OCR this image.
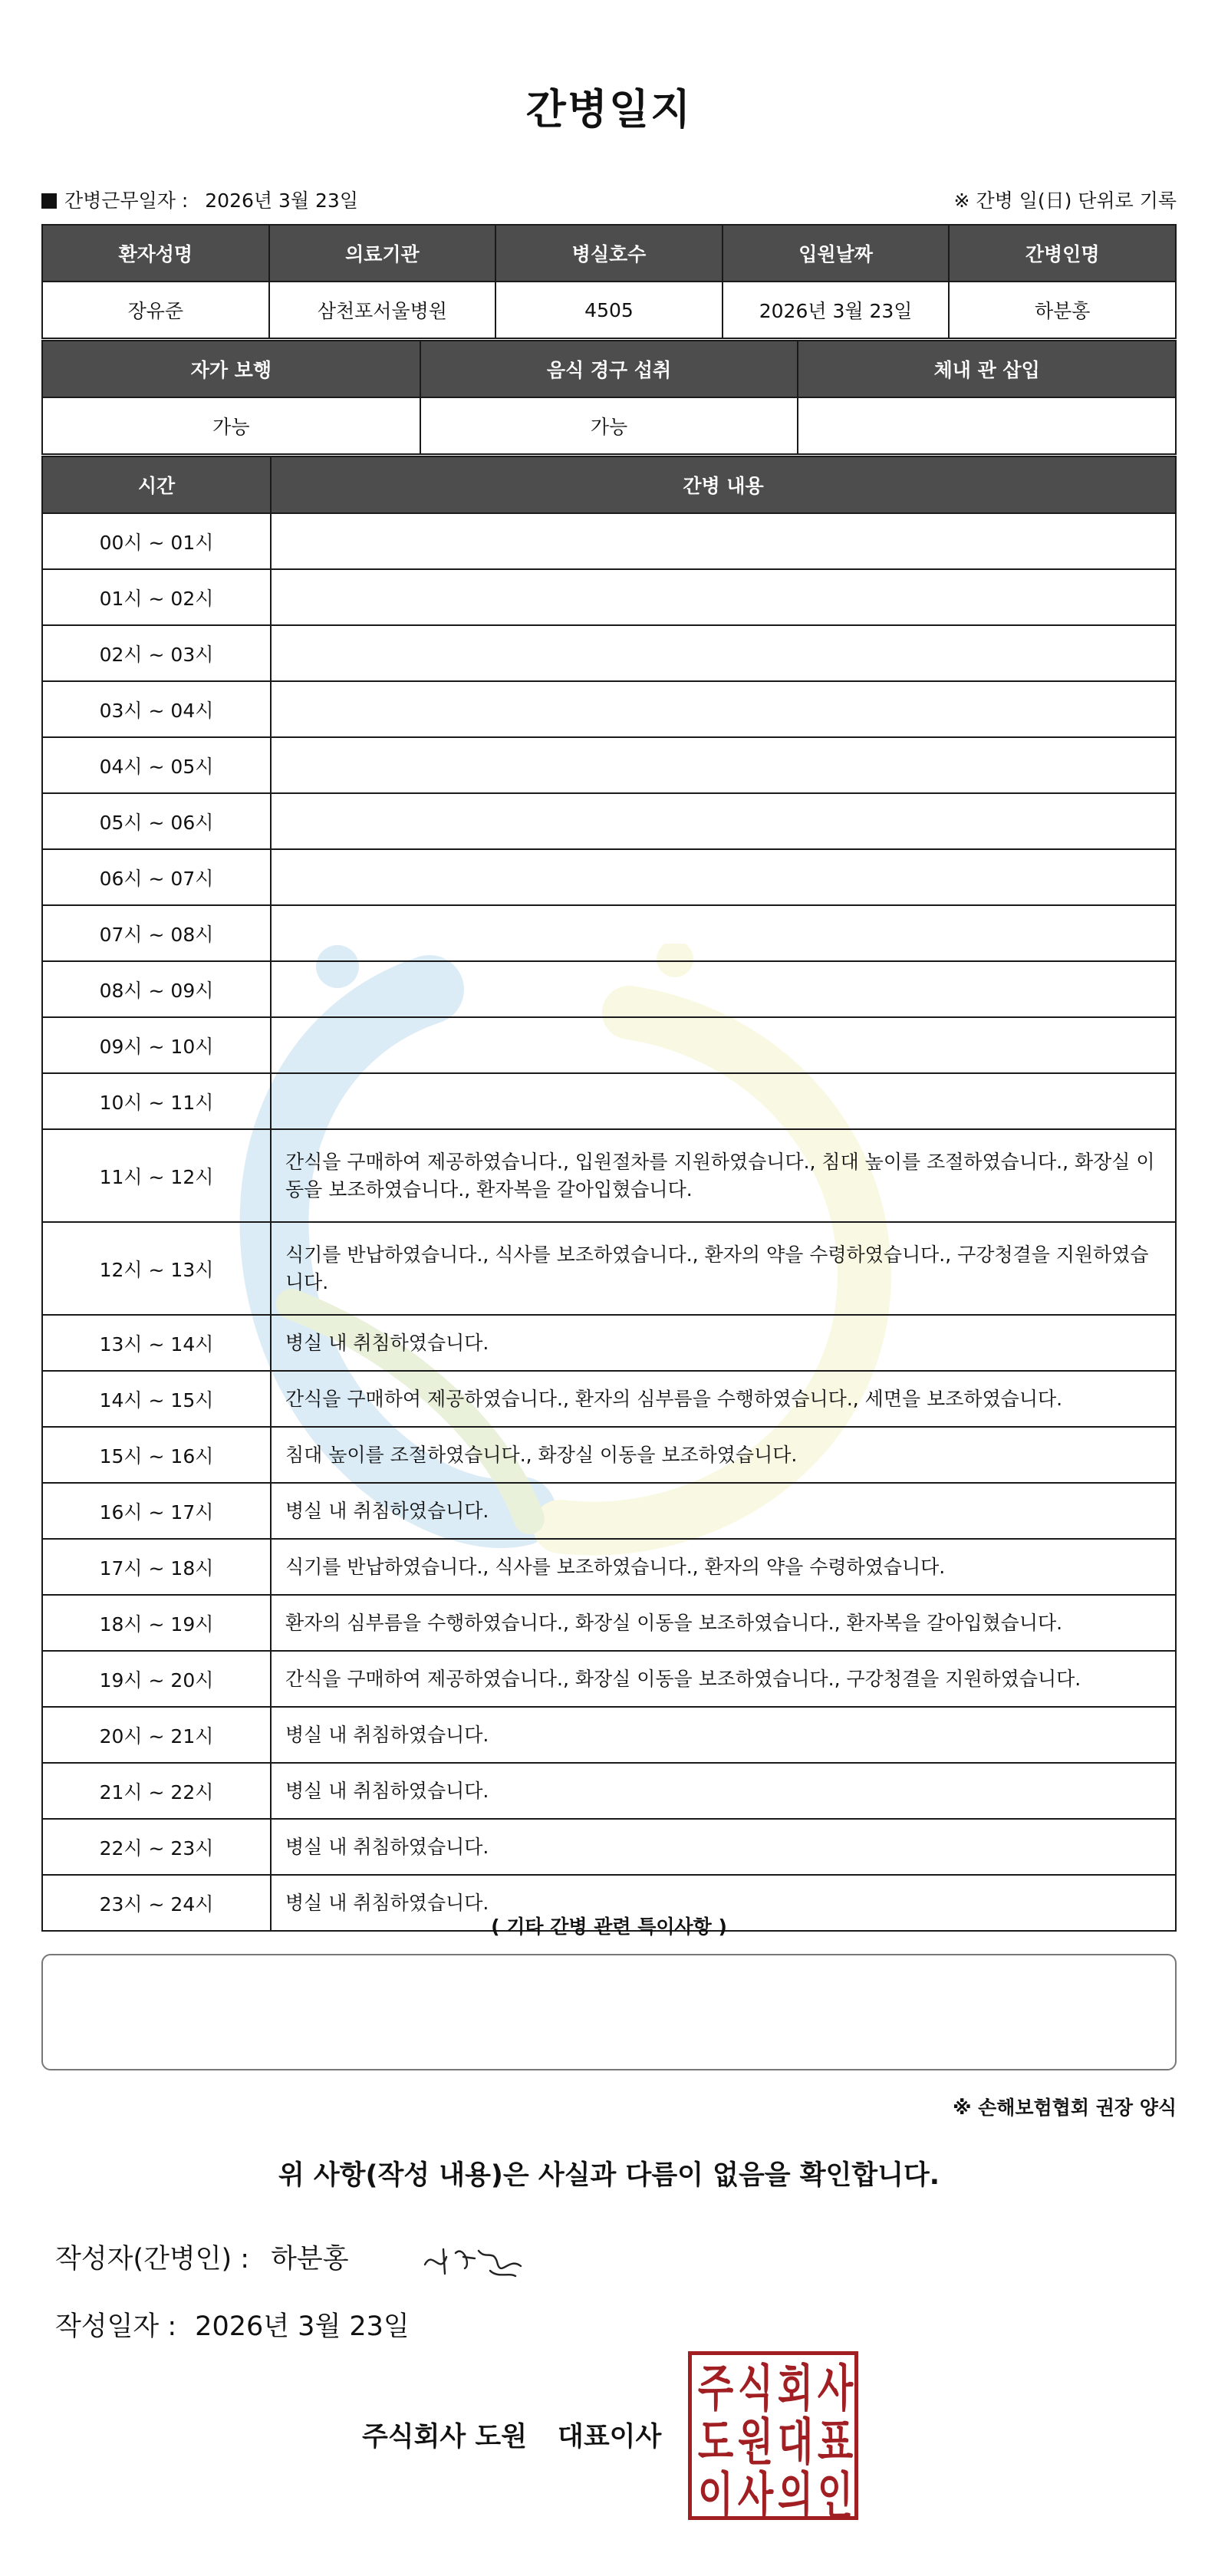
간병일지
간병근무일자 : 2026년 3월 23일	※ 간병 일(日) 단위로 기록
환자성명	의료기관	병실호수	입원날짜	간병인명
장유준	삼천포서울병원	4505	2026년 3월 23일	하분홍
자가 보행	음식 경구 섭취	체내 관 삽입
가능	가능	
시간	간병 내용
00시 ~ 01시	
01시 ~ 02시	
02시 ~ 03시	
03시 ~ 04시	
04시 ~ 05시	
05시 ~ 06시	
06시 ~ 07시	
07시 ~ 08시	
08시 ~ 09시	
09시 ~ 10시	
10시 ~ 11시	
11시 ~ 12시	간식을 구매하여 제공하였습니다., 입원절차를 지원하였습니다., 침대 높이를 조절하였습니다., 화장실 이동을 보조하였습니다., 환자복을 갈아입혔습니다.
12시 ~ 13시	식기를 반납하였습니다., 식사를 보조하였습니다., 환자의 약을 수령하였습니다., 구강청결을 지원하였습니다.
13시 ~ 14시	병실 내 취침하였습니다.
14시 ~ 15시	간식을 구매하여 제공하였습니다., 환자의 심부름을 수행하였습니다., 세면을 보조하였습니다.
15시 ~ 16시	침대 높이를 조절하였습니다., 화장실 이동을 보조하였습니다.
16시 ~ 17시	병실 내 취침하였습니다.
17시 ~ 18시	식기를 반납하였습니다., 식사를 보조하였습니다., 환자의 약을 수령하였습니다.
18시 ~ 19시	환자의 심부름을 수행하였습니다., 화장실 이동을 보조하였습니다., 환자복을 갈아입혔습니다.
19시 ~ 20시	간식을 구매하여 제공하였습니다., 화장실 이동을 보조하였습니다., 구강청결을 지원하였습니다.
20시 ~ 21시	병실 내 취침하였습니다.
21시 ~ 22시	병실 내 취침하였습니다.
22시 ~ 23시	병실 내 취침하였습니다.
23시 ~ 24시	병실 내 취침하였습니다.
( 기타 간병 관련 특이사항 )
※ 손해보험협회 권장 양식
위 사항(작성 내용)은 사실과 다름이 없음을 확인합니다.
작성자(간병인) : 하분홍
작성일자 : 2026년 3월 23일
주식회사 도원 대표이사
주 식 회 사
도 원 대 표
이 사 의 인
